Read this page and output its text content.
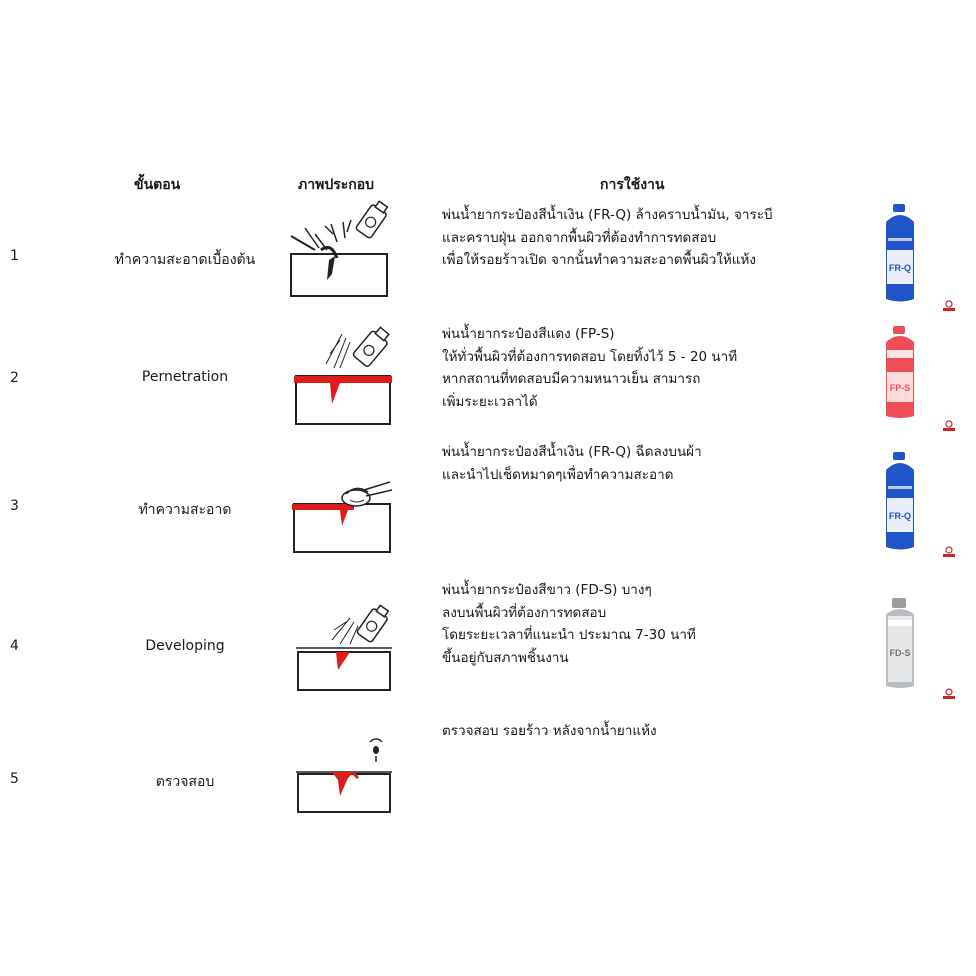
ขั้นตอน	ภาพประกอบ	การใช้งาน
1	ทำความสะอาดเบื้องต้น
พ่นน้ำยากระป๋องสีน้ำเงิน (FR-Q) ล้างคราบน้ำมัน, จาระบี
และคราบฝุ่น ออกจากพื้นผิวที่ต้องทำการทดสอบ
เพื่อให้รอยร้าวเปิด จากนั้นทำความสะอาดพื้นผิวให้แห้ง	FR-Q
2	Pernetration
พ่นน้ำยากระป๋องสีแดง (FP-S)
ให้ทั่วพื้นผิวที่ต้องการทดสอบ โดยทิ้งไว้ 5 - 20 นาที
หากสถานที่ทดสอบมีความหนาวเย็น สามารถ
เพิ่มระยะเวลาได้
FP-S
3	ทำความสะอาด
พ่นน้ำยากระป๋องสีน้ำเงิน (FR-Q) ฉีดลงบนผ้า
และนำไปเช็ดหมาดๆเพื่อทำความสะอาด
FR-Q
4	Developing
พ่นน้ำยากระป๋องสีขาว (FD-S) บางๆ
ลงบนพื้นผิวที่ต้องการทดสอบ
โดยระยะเวลาที่แนะนำ ประมาณ 7-30 นาที
ขึ้นอยู่กับสภาพชิ้นงาน	FD-S
5	ตรวจสอบ
ตรวจสอบ รอยร้าว หลังจากน้ำยาแห้ง
